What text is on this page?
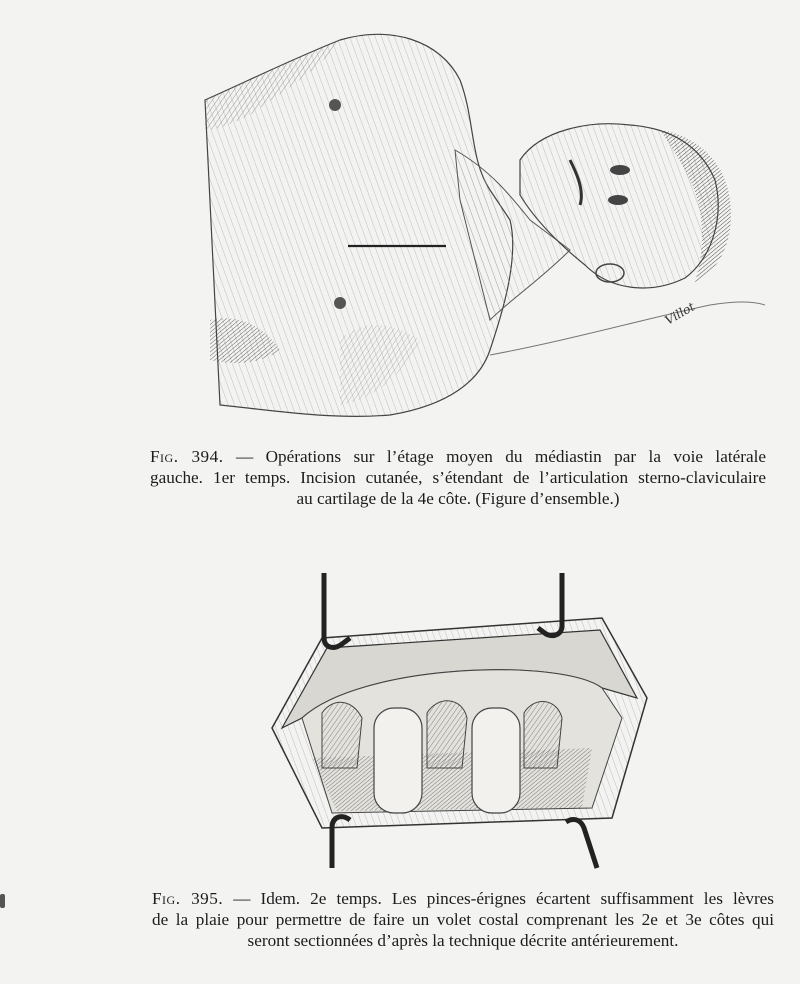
Villot
Fig. 394. — Opérations sur l’étage moyen du médiastin par la voie latérale
gauche. 1er temps. Incision cutanée, s’étendant de l’articulation sterno-claviculaire
au cartilage de la 4e côte. (Figure d’ensemble.)
Fig. 395. — Idem. 2e temps. Les pinces-érignes écartent suffisamment les lèvres
de la plaie pour permettre de faire un volet costal comprenant les 2e et 3e côtes qui
seront sectionnées d’après la technique décrite antérieurement.
